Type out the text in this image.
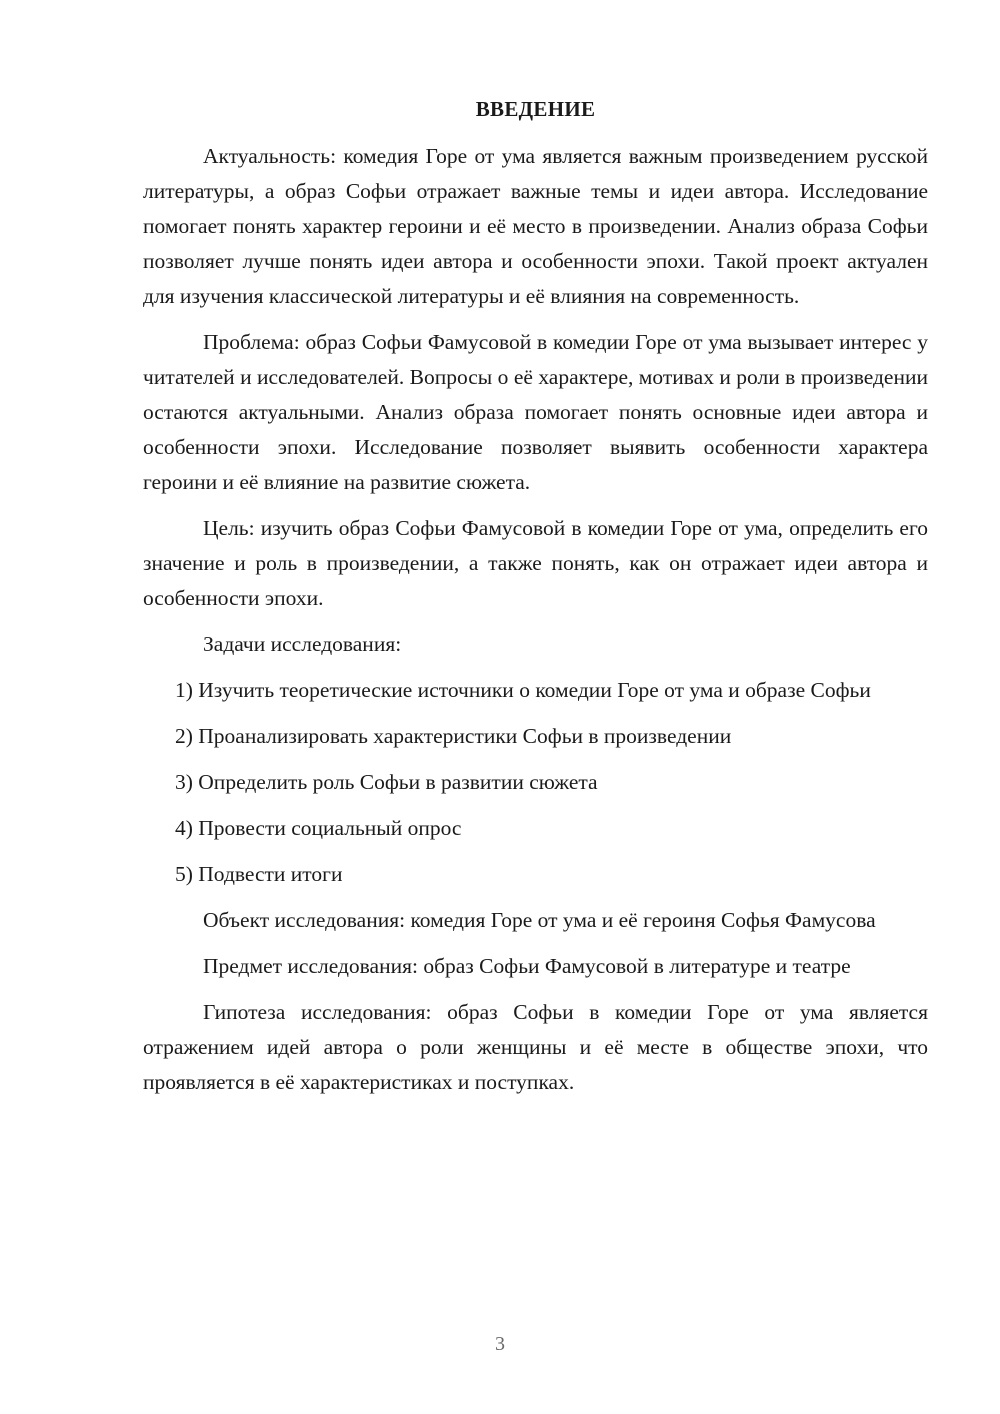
ВВЕДЕНИЕ

Актуальность: комедия Горе от ума является важным произведением русской литературы, а образ Софьи отражает важные темы и идеи автора. Исследование помогает понять характер героини и её место в произведении. Анализ образа Софьи позволяет лучше понять идеи автора и особенности эпохи. Такой проект актуален для изучения классической литературы и её влияния на современность.

Проблема: образ Софьи Фамусовой в комедии Горе от ума вызывает интерес у читателей и исследователей. Вопросы о её характере, мотивах и роли в произведении остаются актуальными. Анализ образа помогает понять основные идеи автора и особенности эпохи. Исследование позволяет выявить особенности характера героини и её влияние на развитие сюжета.

Цель: изучить образ Софьи Фамусовой в комедии Горе от ума, определить его значение и роль в произведении, а также понять, как он отражает идеи автора и особенности эпохи.

Задачи исследования:

1) Изучить теоретические источники о комедии Горе от ума и образе Софьи

2) Проанализировать характеристики Софьи в произведении

3) Определить роль Софьи в развитии сюжета

4) Провести социальный опрос

5) Подвести итоги

Объект исследования: комедия Горе от ума и её героиня Софья Фамусова

Предмет исследования: образ Софьи Фамусовой в литературе и театре

Гипотеза исследования: образ Софьи в комедии Горе от ума является отражением идей автора о роли женщины и её месте в обществе эпохи, что проявляется в её характеристиках и поступках.

3
